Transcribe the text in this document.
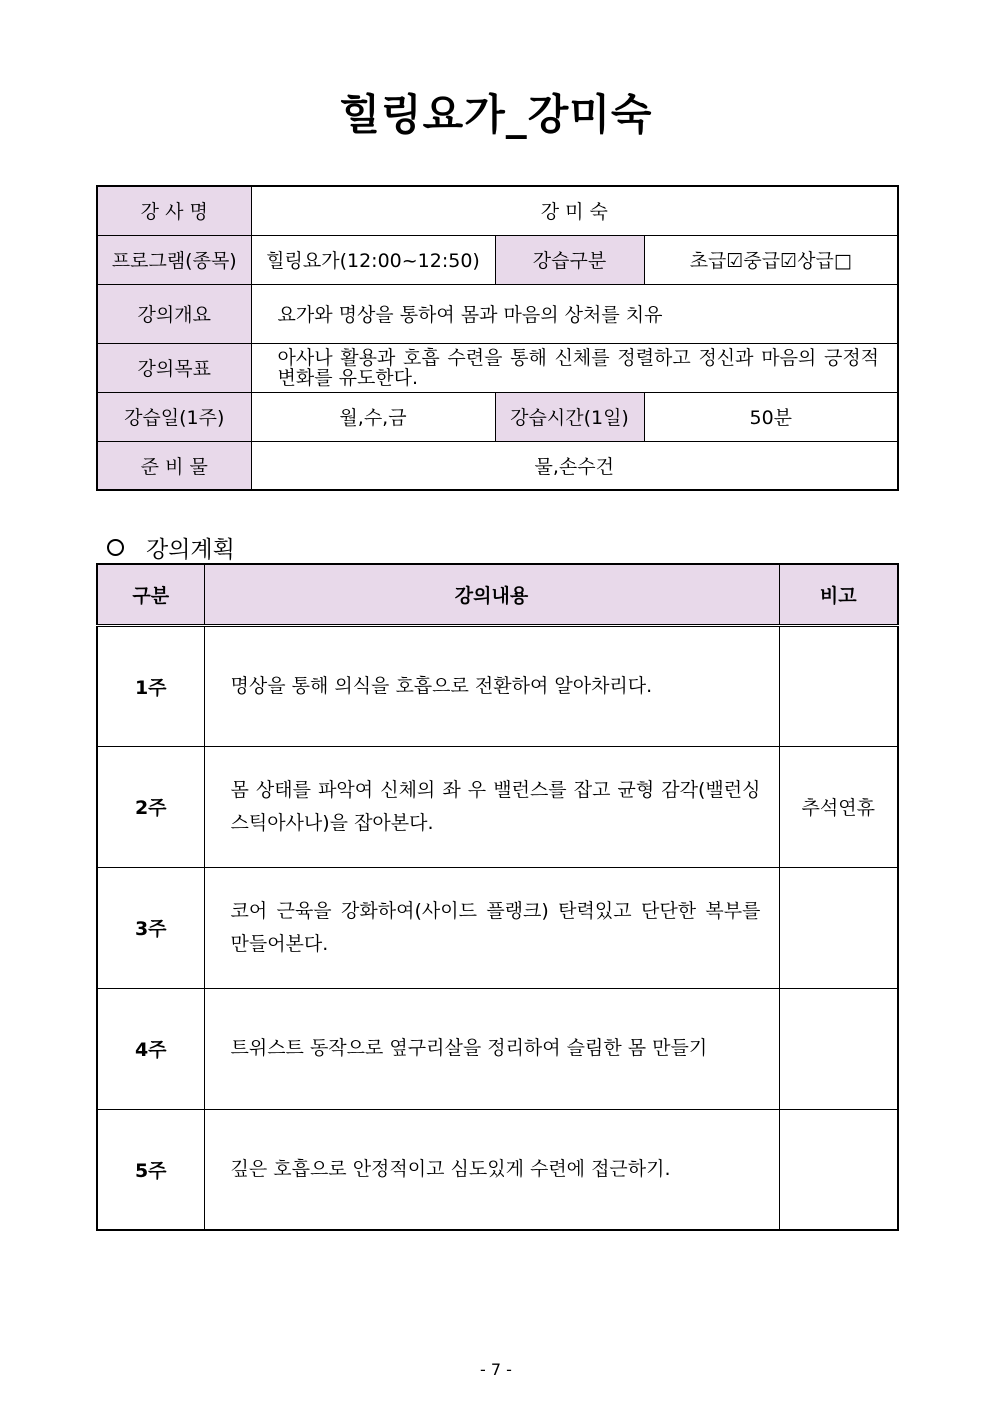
힐링요가_강미숙
강 사 명	강 미 숙		
프로그램(종목)	힐링요가(12:00~12:50)	강습구분	초급☑중급☑상급□
강의개요	요가와 명상을 통하여 몸과 마음의 상처를 치유		
강의목표	아사나 활용과 호흡 수련을 통해 신체를 정렬하고 정신과 마음의 긍정적 변화를 유도한다.		
강습일(1주)	월,수,금	강습시간(1일)	50분
준 비 물	물,손수건		
강의계획
구분	강의내용	비고
1주	명상을 통해 의식을 호흡으로 전환하여 알아차리다.	
2주	몸 상태를 파악여 신체의 좌 우 밸런스를 잡고 균형 감각(밸런싱 스틱아사나)을 잡아본다.	추석연휴
3주	코어 근육을 강화하여(사이드 플랭크) 탄력있고 단단한 복부를 만들어본다.	
4주	트위스트 동작으로 옆구리살을 정리하여 슬림한 몸 만들기	
5주	깊은 호흡으로 안정적이고 심도있게 수련에 접근하기.	
- 7 -
